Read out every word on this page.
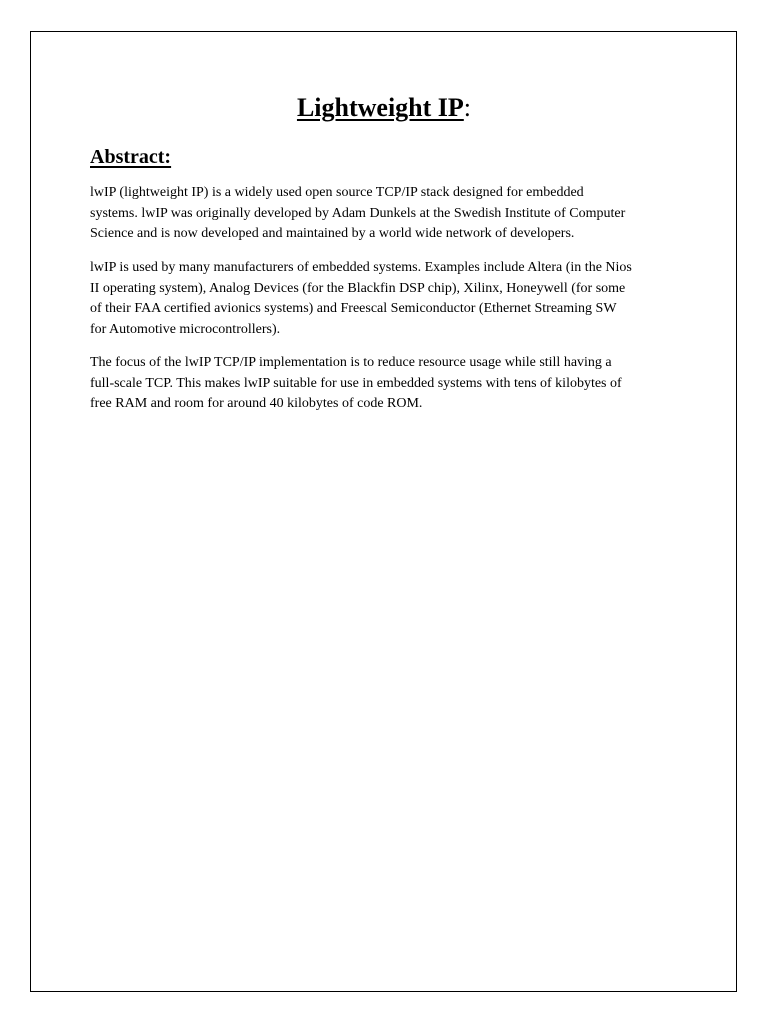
Lightweight IP:
Abstract:
lwIP (lightweight IP) is a widely used open source TCP/IP stack designed for embedded
systems. lwIP was originally developed by Adam Dunkels at the Swedish Institute of Computer
Science and is now developed and maintained by a world wide network of developers.
lwIP is used by many manufacturers of embedded systems. Examples include Altera (in the Nios
II operating system), Analog Devices (for the Blackfin DSP chip), Xilinx, Honeywell (for some
of their FAA certified avionics systems) and Freescal Semiconductor (Ethernet Streaming SW
for Automotive microcontrollers).
The focus of the lwIP TCP/IP implementation is to reduce resource usage while still having a
full-scale TCP. This makes lwIP suitable for use in embedded systems with tens of kilobytes of
free RAM and room for around 40 kilobytes of code ROM.
